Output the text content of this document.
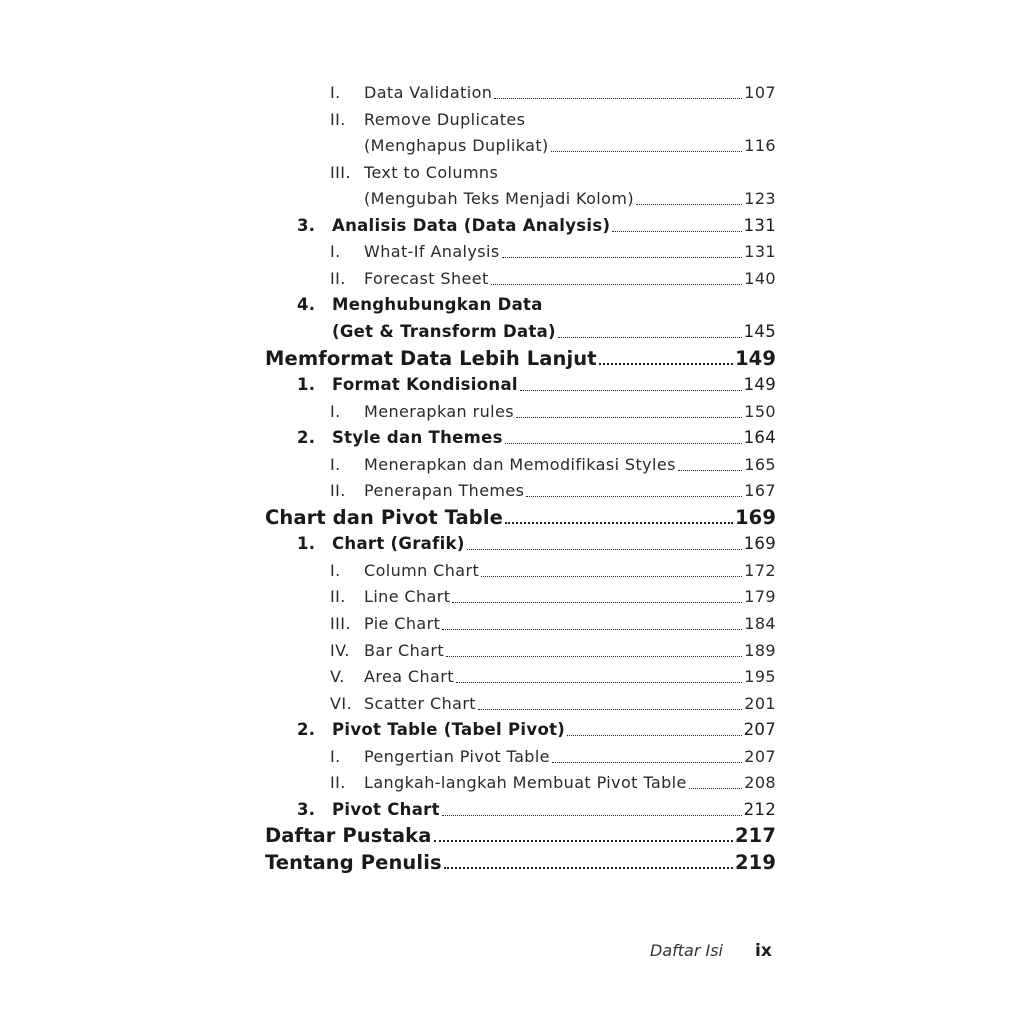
I. Data Validation	107
II. Remove Duplicates
(Menghapus Duplikat)	116
III. Text to Columns
(Mengubah Teks Menjadi Kolom)	123
3. Analisis Data (Data Analysis)	131
I. What-If Analysis	131
II. Forecast Sheet	140
4. Menghubungkan Data
(Get & Transform Data)	145
Memformat Data Lebih Lanjut	149
1. Format Kondisional	149
I. Menerapkan rules	150
2. Style dan Themes	164
I. Menerapkan dan Memodifikasi Styles	165
II. Penerapan Themes	167
Chart dan Pivot Table	169
1. Chart (Grafik)	169
I. Column Chart	172
II. Line Chart	179
III. Pie Chart	184
IV. Bar Chart	189
V. Area Chart	195
VI. Scatter Chart	201
2. Pivot Table (Tabel Pivot)	207
I. Pengertian Pivot Table	207
II. Langkah-langkah Membuat Pivot Table	208
3. Pivot Chart	212
Daftar Pustaka	217
Tentang Penulis	219
Daftar Isi ix
